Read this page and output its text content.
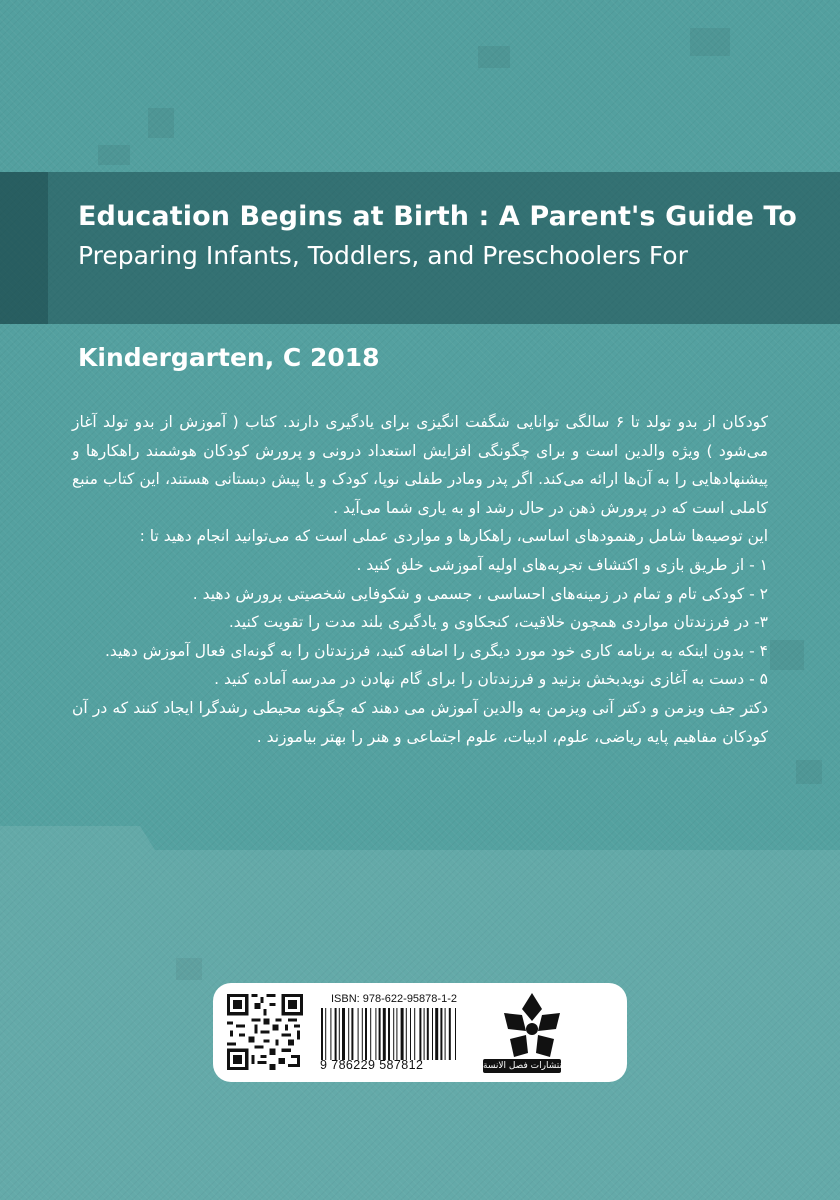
Education Begins at Birth : A Parent's Guide To
Preparing Infants, Toddlers, and Preschoolers For
Kindergarten, C 2018

کودکان از بدو تولد تا ۶ سالگی توانایی شگفت انگیزی برای یادگیری دارند. کتاب ( آموزش از بدو تولد آغاز می‌شود ) ویژه والدین است و برای چگونگی افزایش استعداد درونی و پرورش کودکان هوشمند راهکارها و پیشنهادهایی را به آن‌ها ارائه می‌کند. اگر پدر ومادر طفلی نوپا، کودک و یا پیش دبستانی هستند، این کتاب منبع کاملی است که در پرورش ذهن در حال رشد او به یاری شما می‌آید .

این توصیه‌ها شامل رهنمودهای اساسی، راهکارها و مواردی عملی است که می‌توانید انجام دهید تا :

۱ - از طریق بازی و اکتشاف تجربه‌های اولیه آموزشی خلق کنید .

۲ - کودکی تام و تمام در زمینه‌های احساسی ، جسمی و شکوفایی شخصیتی پرورش دهید .

۳- در فرزندتان مواردی همچون خلاقیت، کنجکاوی و یادگیری بلند مدت را تقویت کنید.

۴ - بدون اینکه به برنامه کاری خود مورد دیگری را اضافه کنید، فرزندتان را به گونه‌ای فعال آموزش دهید.

۵ - دست به آغازی نویدبخش بزنید و فرزندتان را برای گام نهادن در مدرسه آماده کنید .

دکتر جف ویزمن و دکتر آنی ویزمن به والدین آموزش می دهند که چگونه محیطی رشدگرا ایجاد کنند که در آن کودکان مفاهیم پایه ریاضی، علوم، ادبیات، علوم اجتماعی و هنر را بهتر بیاموزند .

ISBN: 978-622-95878-1-2
9 786229 587812	انتشارات فصل الانسة
